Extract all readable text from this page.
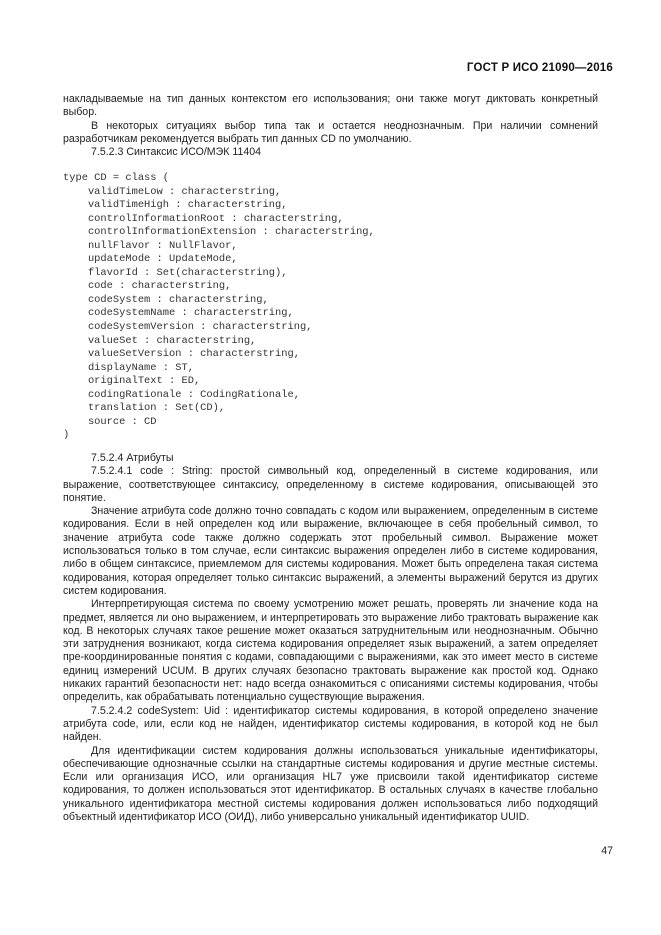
ГОСТ Р ИСО 21090—2016

накладываемые на тип данных контекстом его использования; они также могут диктовать конкретный выбор.

В некоторых ситуациях выбор типа так и остается неоднозначным. При наличии сомнений разработчикам рекомендуется выбрать тип данных CD по умолчанию.

7.5.2.3 Синтаксис ИСО/МЭК 11404

type CD = class (
validTimeLow : characterstring,
validTimeHigh : characterstring,
controlInformationRoot : characterstring,
controlInformationExtension : characterstring,
nullFlavor : NullFlavor,
updateMode : UpdateMode,
flavorId : Set(characterstring),
code : characterstring,
codeSystem : characterstring,
codeSystemName : characterstring,
codeSystemVersion : characterstring,
valueSet : characterstring,
valueSetVersion : characterstring,
displayName : ST,
originalText : ED,
codingRationale : CodingRationale,
translation : Set(CD),
source : CD
)

7.5.2.4 Атрибуты

7.5.2.4.1 code : String: простой символьный код, определенный в системе кодирования, или выражение, соответствующее синтаксису, определенному в системе кодирования, описывающей это понятие.

Значение атрибута code должно точно совпадать с кодом или выражением, определенным в системе кодирования. Если в ней определен код или выражение, включающее в себя пробельный символ, то значение атрибута code также должно содержать этот пробельный символ. Выражение может использоваться только в том случае, если синтаксис выражения определен либо в системе кодирования, либо в общем синтаксисе, приемлемом для системы кодирования. Может быть определена такая система кодирования, которая определяет только синтаксис выражений, а элементы выражений берутся из других систем кодирования.

Интерпретирующая система по своему усмотрению может решать, проверять ли значение кода на предмет, является ли оно выражением, и интерпретировать это выражение либо трактовать выражение как код. В некоторых случаях такое решение может оказаться затруднительным или неоднозначным. Обычно эти затруднения возникают, когда система кодирования определяет язык выражений, а затем определяет пре-координированные понятия с кодами, совпадающими с выражениями, как это имеет место в системе единиц измерений UCUM. В других случаях безопасно трактовать выражение как простой код. Однако никаких гарантий безопасности нет: надо всегда ознакомиться с описаниями системы кодирования, чтобы определить, как обрабатывать потенциально существующие выражения.

7.5.2.4.2 codeSystem: Uid : идентификатор системы кодирования, в которой определено значение атрибута code, или, если код не найден, идентификатор системы кодирования, в которой код не был найден.

Для идентификации систем кодирования должны использоваться уникальные идентификаторы, обеспечивающие однозначные ссылки на стандартные системы кодирования и другие местные системы. Если или организация ИСО, или организация HL7 уже присвоили такой идентификатор системе кодирования, то должен использоваться этот идентификатор. В остальных случаях в качестве глобально уникального идентификатора местной системы кодирования должен использоваться либо подходящий объектный идентификатор ИСО (ОИД), либо универсально уникальный идентификатор UUID.

47
